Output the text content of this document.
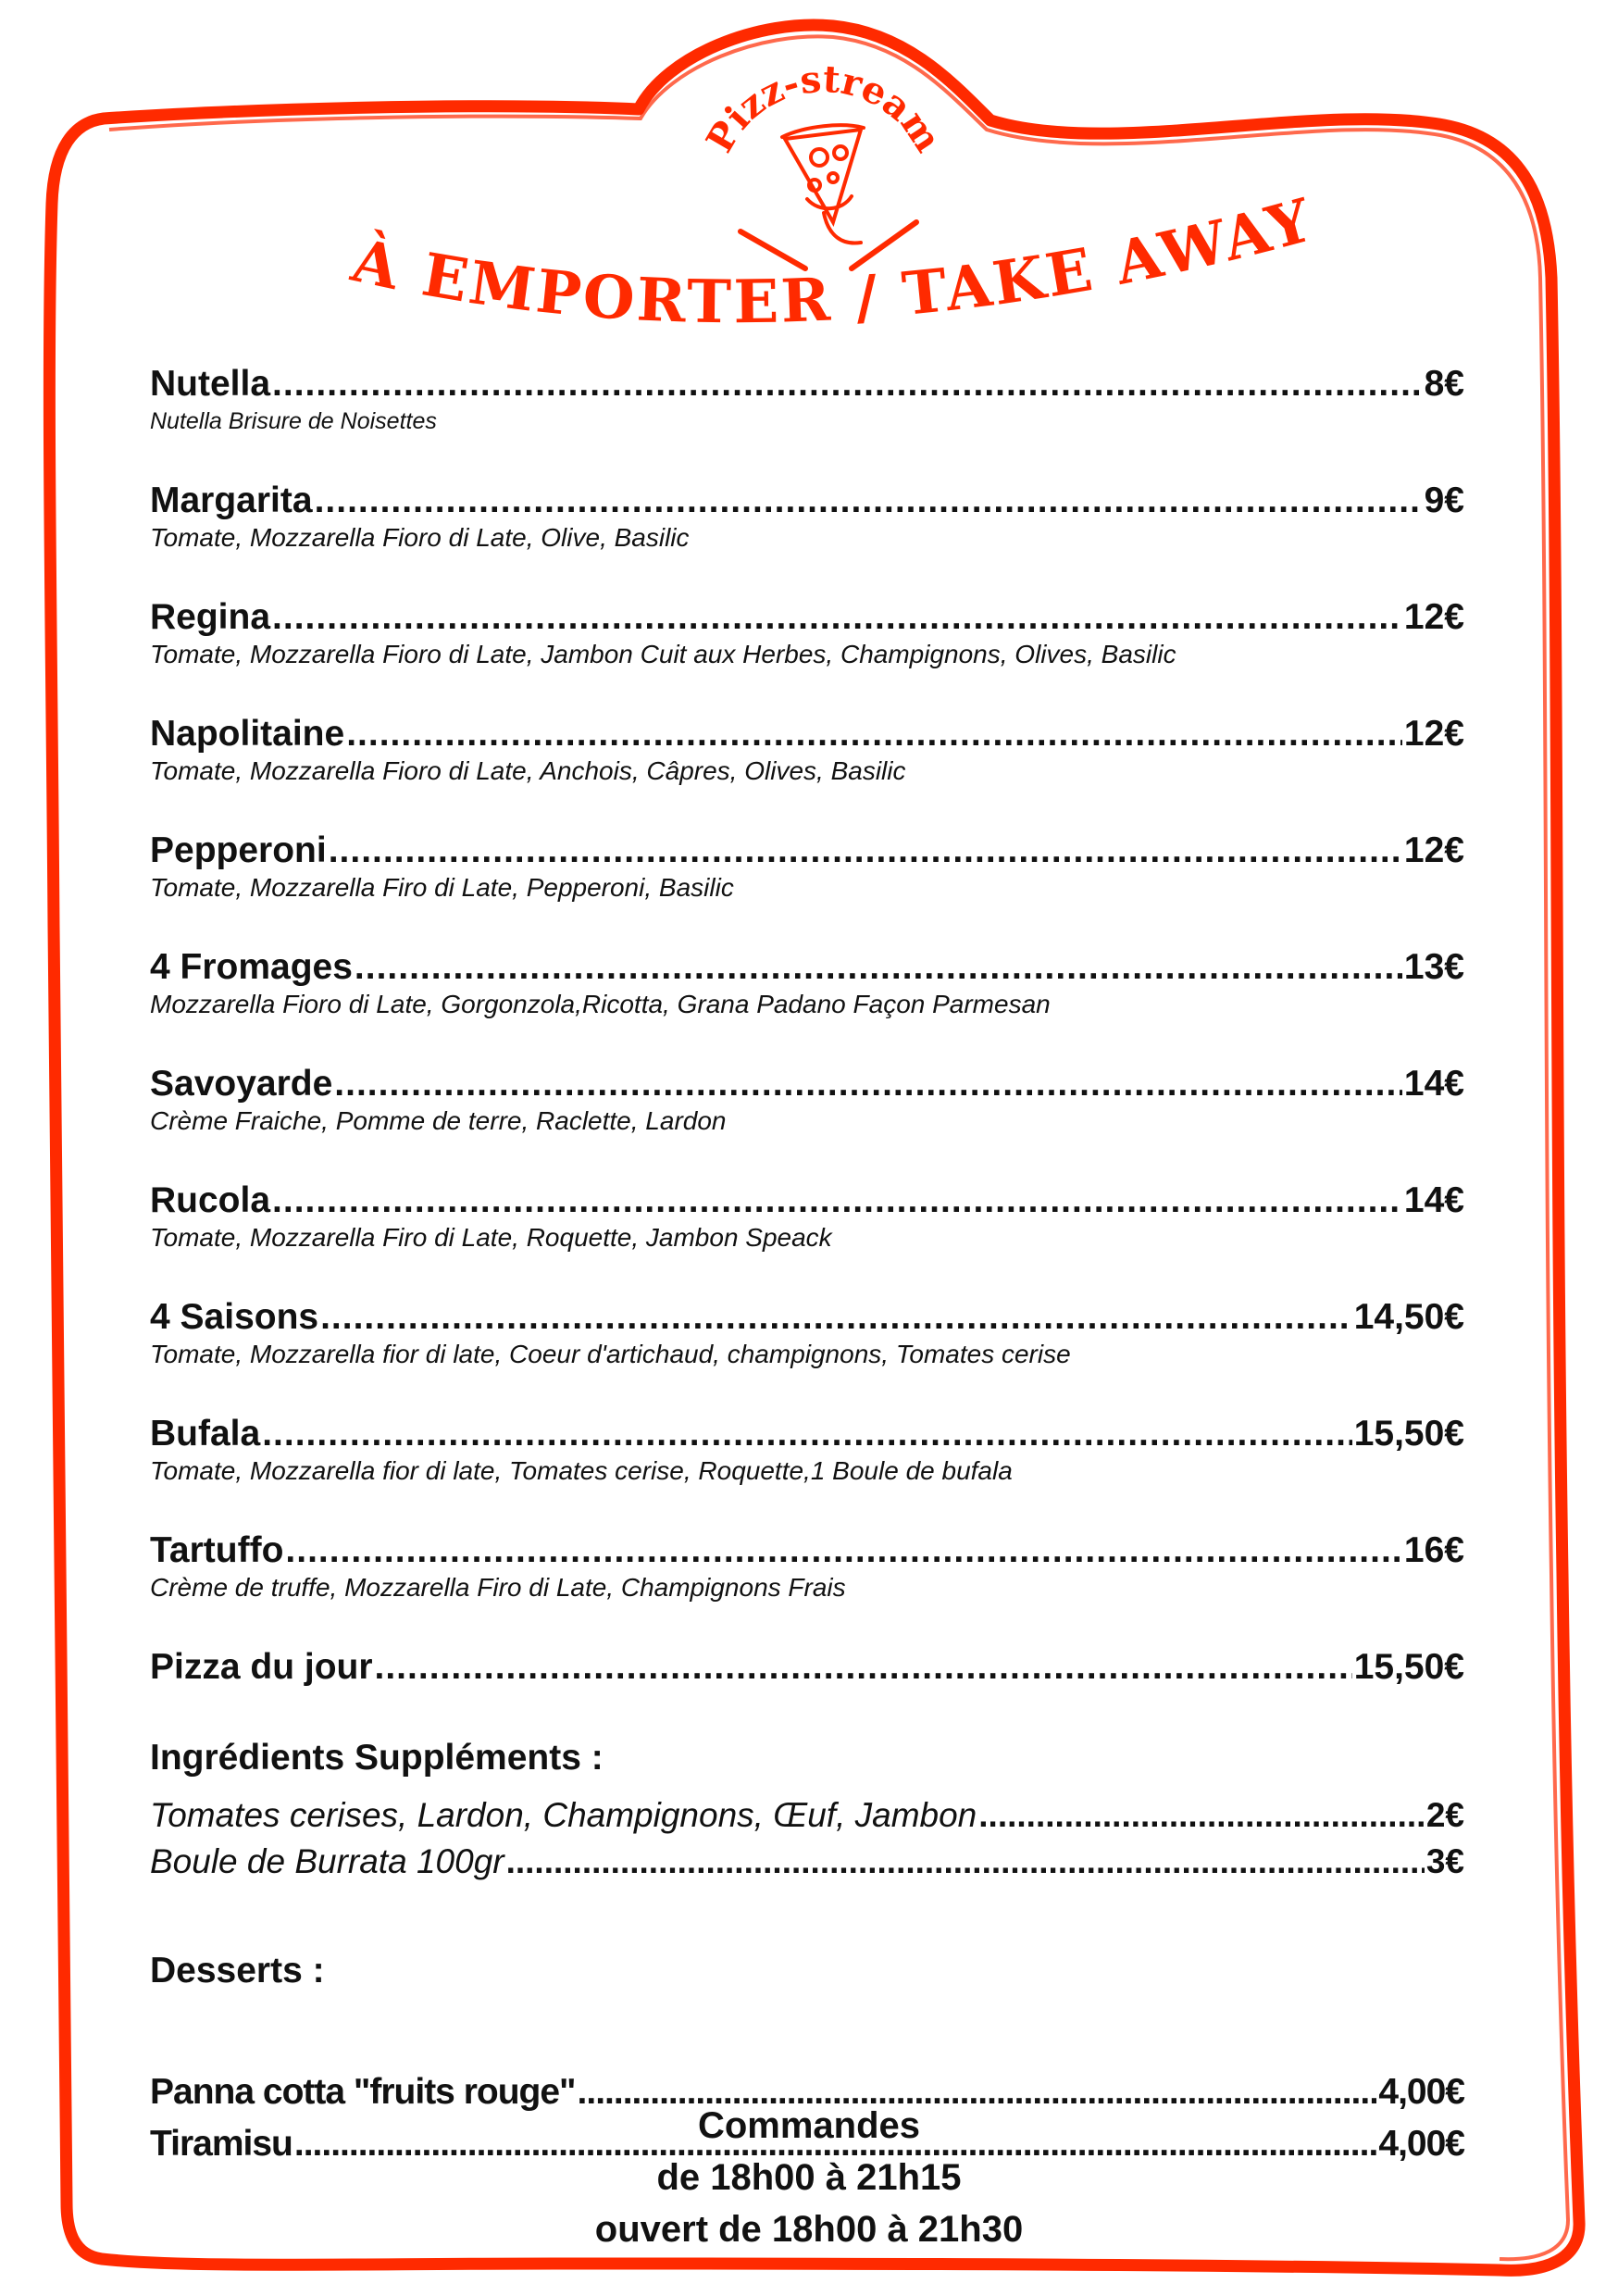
izz-stream
À EMPORTER / TAKE AWAY
Nutella .....	8€
Nutella Brisure de Noisettes
Margarita .....	9€
Tomate, Mozzarella Fioro di Late, Olive, Basilic
Regina .....	12€
Tomate, Mozzarella Fioro di Late, Jambon Cuit aux Herbes, Champignons, Olives, Basilic
Napolitaine .....	12€
Tomate, Mozzarella Fioro di Late, Anchois, Câpres, Olives, Basilic
Pepperoni .....	12€
Tomate, Mozzarella Firo di Late, Pepperoni, Basilic
4 Fromages .....	13€
Mozzarella Fioro di Late, Gorgonzola,Ricotta, Grana Padano Façon Parmesan
Savoyarde .....	14€
Crème Fraiche, Pomme de terre, Raclette, Lardon
Rucola .....	14€
Tomate, Mozzarella Firo di Late, Roquette, Jambon Speack
4 Saisons .....	14,50€
Tomate, Mozzarella fior di late, Coeur d'artichaud, champignons, Tomates cerise
Bufala .....	15,50€
Tomate, Mozzarella fior di late, Tomates cerise, Roquette,1 Boule de bufala
Tartuffo .....	16€
Crème de truffe, Mozzarella Firo di Late, Champignons Frais
Pizza du jour .....	15,50€
Ingrédients Suppléments :
Tomates cerises, Lardon, Champignons, Œuf, Jambon .....	2€
Boule de Burrata 100gr .....	3€
Desserts :
Panna cotta "fruits rouge" .....	4,00€
Tiramisu .....	4,00€
Commandes
de 18h00 à 21h15
ouvert de 18h00 à 21h30
